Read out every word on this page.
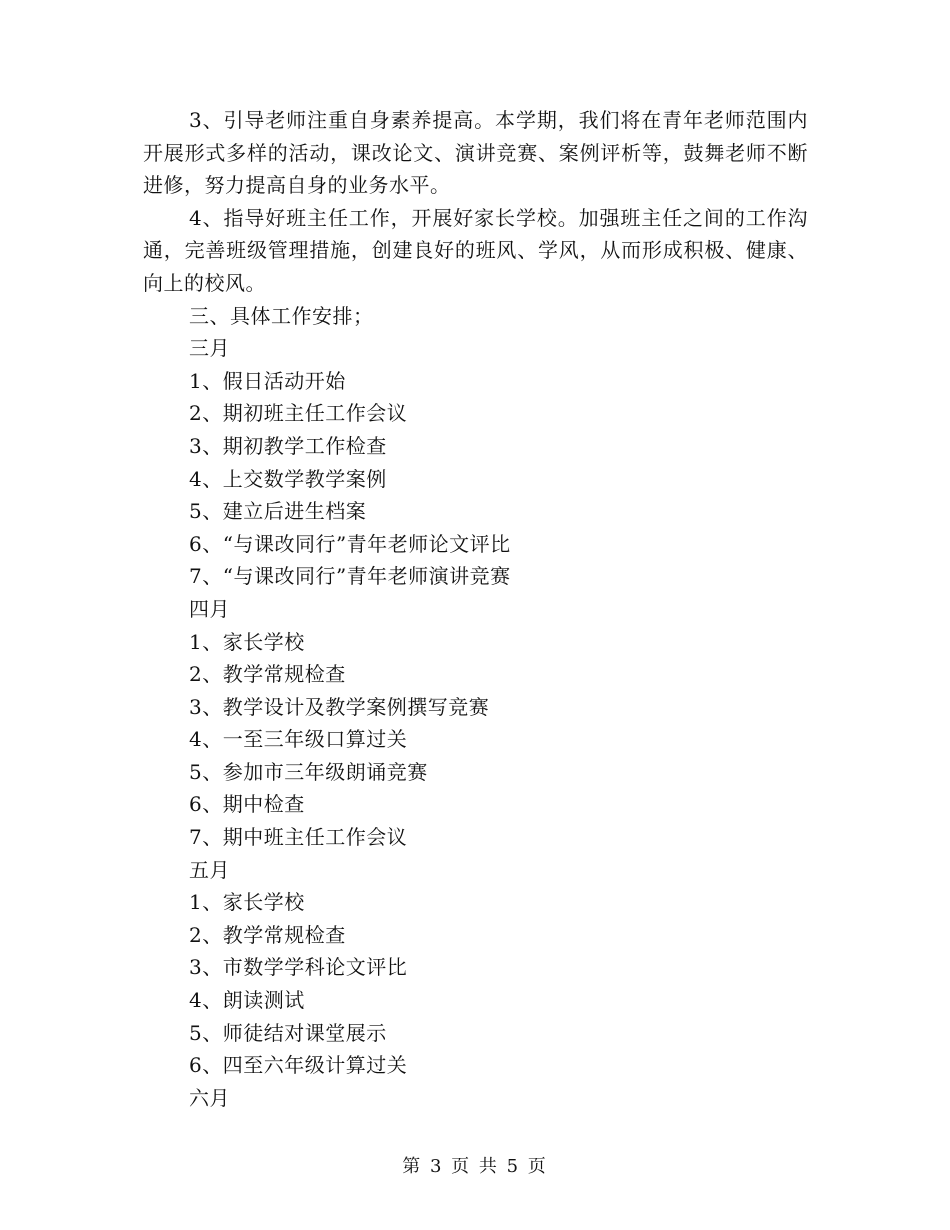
3、引导老师注重自身素养提高。本学期，我们将在青年老师范围内开展形式多样的活动，课改论文、演讲竞赛、案例评析等，鼓舞老师不断进修，努力提高自身的业务水平。

4、指导好班主任工作，开展好家长学校。加强班主任之间的工作沟通，完善班级管理措施，创建良好的班风、学风，从而形成积极、健康、向上的校风。

三、具体工作安排；

三月

1、假日活动开始

2、期初班主任工作会议

3、期初教学工作检查

4、上交数学教学案例

5、建立后进生档案

6、“与课改同行”青年老师论文评比

7、“与课改同行”青年老师演讲竞赛

四月

1、家长学校

2、教学常规检查

3、教学设计及教学案例撰写竞赛

4、一至三年级口算过关

5、参加市三年级朗诵竞赛

6、期中检查

7、期中班主任工作会议

五月

1、家长学校

2、教学常规检查

3、市数学学科论文评比

4、朗读测试

5、师徒结对课堂展示

6、四至六年级计算过关

六月

第 3 页 共 5 页
